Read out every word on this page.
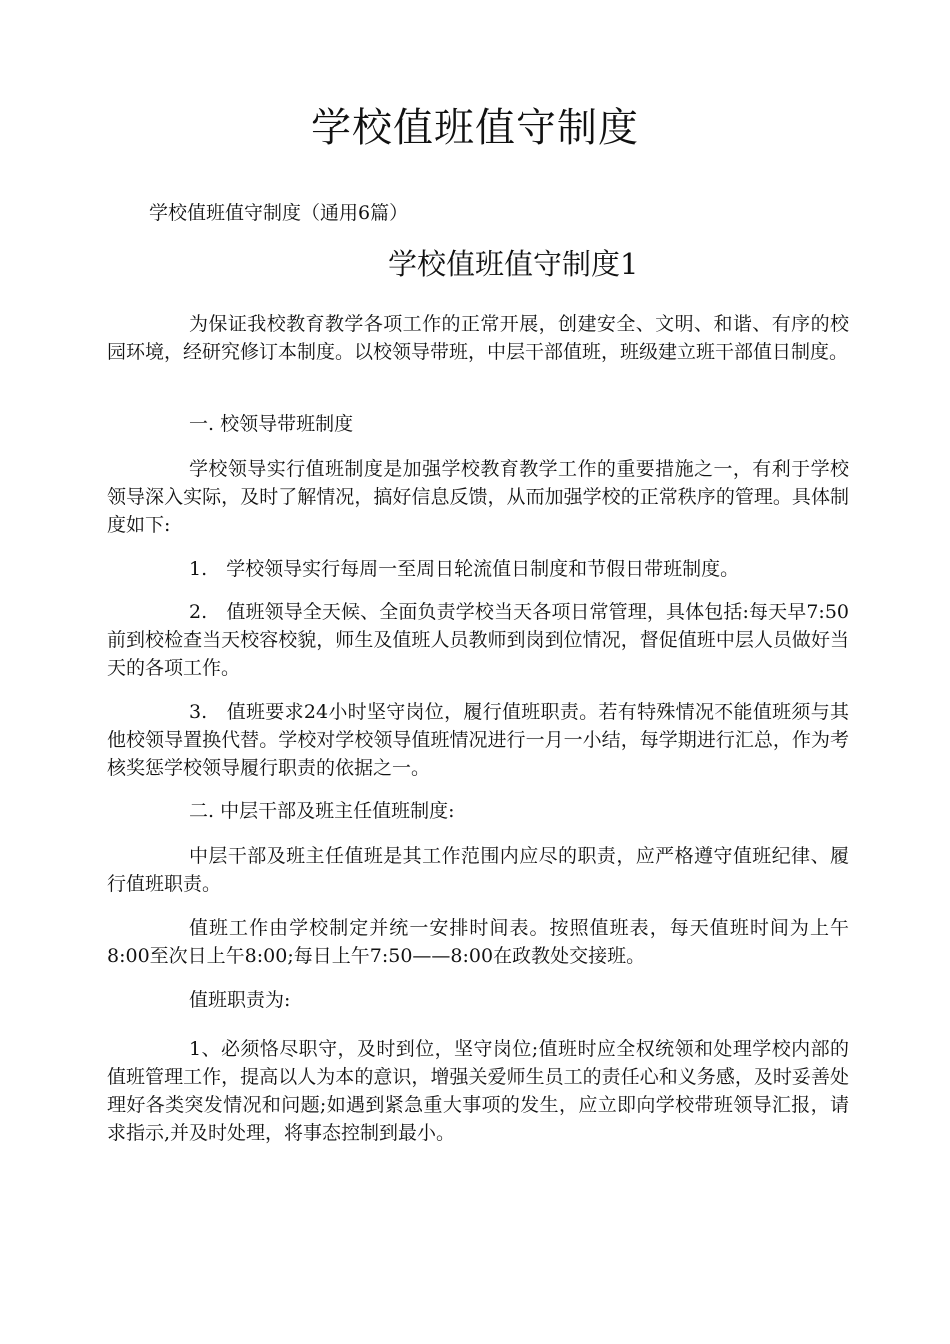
学校值班值守制度
学校值班值守制度（通用6篇）
学校值班值守制度1

为保证我校教育教学各项工作的正常开展，创建安全、文明、和谐、有序的校园环境，经研究修订本制度。以校领导带班，中层干部值班，班级建立班干部值日制度。

一. 校领导带班制度

学校领导实行值班制度是加强学校教育教学工作的重要措施之一，有利于学校领导深入实际，及时了解情况，搞好信息反馈，从而加强学校的正常秩序的管理。具体制度如下:

1.　学校领导实行每周一至周日轮流值日制度和节假日带班制度。

2.　值班领导全天候、全面负责学校当天各项日常管理，具体包括:每天早7:50前到校检查当天校容校貌，师生及值班人员教师到岗到位情况，督促值班中层人员做好当天的各项工作。

3.　值班要求24小时坚守岗位，履行值班职责。若有特殊情况不能值班须与其他校领导置换代替。学校对学校领导值班情况进行一月一小结，每学期进行汇总，作为考核奖惩学校领导履行职责的依据之一。

二. 中层干部及班主任值班制度:

中层干部及班主任值班是其工作范围内应尽的职责，应严格遵守值班纪律、履行值班职责。

值班工作由学校制定并统一安排时间表。按照值班表，每天值班时间为上午8:00至次日上午8:00;每日上午7:50——8:00在政教处交接班。

值班职责为:

1、必须恪尽职守，及时到位，坚守岗位;值班时应全权统领和处理学校内部的值班管理工作，提高以人为本的意识，增强关爱师生员工的责任心和义务感，及时妥善处理好各类突发情况和问题;如遇到紧急重大事项的发生，应立即向学校带班领导汇报，请求指示,并及时处理，将事态控制到最小。
